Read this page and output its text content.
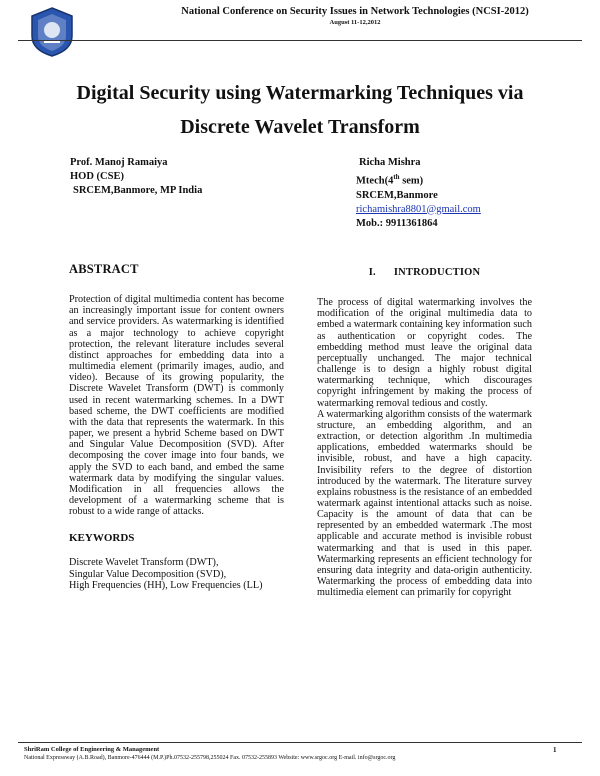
National Conference on Security Issues in Network Technologies (NCSI-2012)
August 11-12,2012
Digital Security using Watermarking Techniques via
Discrete Wavelet Transform
Prof. Manoj Ramaiya
HOD (CSE)
SRCEM,Banmore, MP India
Richa Mishra
Mtech(4th sem)
SRCEM,Banmore
richamishra8801@gmail.com
Mob.: 9911361864
ABSTRACT

Protection of digital multimedia content has become an increasingly important issue for content owners and service providers. As watermarking is identified as a major technology to achieve copyright protection, the relevant literature includes several distinct approaches for embedding data into a multimedia element (primarily images, audio, and video). Because of its growing popularity, the Discrete Wavelet Transform (DWT) is commonly used in recent watermarking schemes. In a DWT based scheme, the DWT coefficients are modified with the data that represents the watermark. In this paper, we present a hybrid Scheme based on DWT and Singular Value Decomposition (SVD). After decomposing the cover image into four bands, we apply the SVD to each band, and embed the same watermark data by modifying the singular values. Modification in all frequencies allows the development of a watermarking scheme that is robust to a wide range of attacks.

KEYWORDS

Discrete Wavelet Transform (DWT),

Singular Value Decomposition (SVD),

High Frequencies (HH), Low Frequencies (LL)

I. INTRODUCTION

The process of digital watermarking involves the modification of the original multimedia data to embed a watermark containing key information such as authentication or copyright codes. The embedding method must leave the original data perceptually unchanged. The major technical challenge is to design a highly robust digital watermarking technique, which discourages copyright infringement by making the process of watermarking removal tedious and costly.

A watermarking algorithm consists of the watermark structure, an embedding algorithm, and an extraction, or detection algorithm .In multimedia applications, embedded watermarks should be invisible, robust, and have a high capacity. Invisibility refers to the degree of distortion introduced by the watermark. The literature survey explains robustness is the resistance of an embedded watermark against intentional attacks such as noise. Capacity is the amount of data that can be represented by an embedded watermark .The most applicable and accurate method is invisible robust watermarking and that is used in this paper. Watermarking represents an efficient technology for ensuring data integrity and data-origin authenticity. Watermarking the process of embedding data into multimedia element can primarily for copyright

ShriRam College of Engineering & Management
National Expressway (A.B.Road), Banmore-476444 (M.P.)Ph.07532-255798,255024 Fax. 07532-255893 Website: www.srgoc.org E-mail. info@srgoc.org
1
